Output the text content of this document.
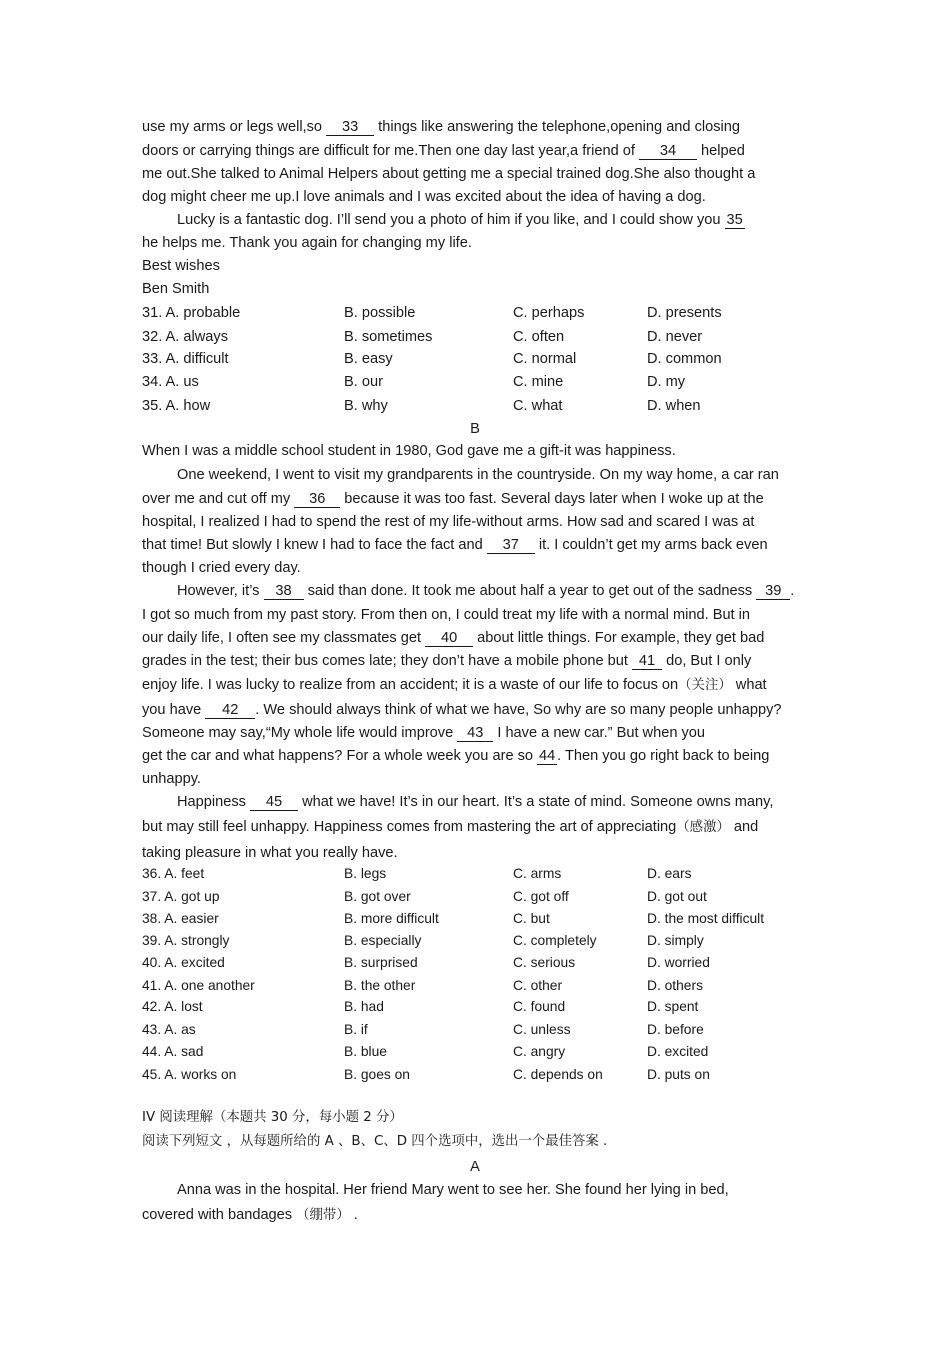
use my arms or legs well,so 33 things like answering the telephone,opening and closing
doors or carrying things are difficult for me.Then one day last year,a friend of 34 helped
me out.She talked to Animal Helpers about getting me a special trained dog.She also thought a
dog might cheer me up.I love animals and I was excited about the idea of having a dog.
Lucky is a fantastic dog. I’ll send you a photo of him if you like, and I could show you 35
he helps me. Thank you again for changing my life.
Best wishes
Ben Smith
31. A. probable	B. possible	C. perhaps	D. presents
32. A. always	B. sometimes	C. often	D. never
33. A. difficult	B. easy	C. normal	D. common
34. A. us	B. our	C. mine	D. my
35. A. how	B. why	C. what	D. when
B
When I was a middle school student in 1980, God gave me a gift-it was happiness.
One weekend, I went to visit my grandparents in the countryside. On my way home, a car ran
over me and cut off my 36 because it was too fast. Several days later when I woke up at the
hospital, I realized I had to spend the rest of my life-without arms. How sad and scared I was at
that time! But slowly I knew I had to face the fact and 37 it. I couldn’t get my arms back even
though I cried every day.
However, it’s 38 said than done. It took me about half a year to get out of the sadness 39 .
I got so much from my past story. From then on, I could treat my life with a normal mind. But in
our daily life, I often see my classmates get 40 about little things. For example, they get bad
grades in the test; their bus comes late; they don’t have a mobile phone but 41 do, But I only
enjoy life. I was lucky to realize from an accident; it is a waste of our life to focus on（关注） what
you have 42 . We should always think of what we have, So why are so many people unhappy?
Someone may say,“My whole life would improve 43 I have a new car.” But when you
get the car and what happens? For a whole week you are so 44 . Then you go right back to being
unhappy.
Happiness 45 what we have! It’s in our heart. It’s a state of mind. Someone owns many,
but may still feel unhappy. Happiness comes from mastering the art of appreciating（感激） and
taking pleasure in what you really have.
36. A. feet	B. legs	C. arms	D. ears
37. A. got up	B. got over	C. got off	D. got out
38. A. easier	B. more difficult	C. but	D. the most difficult
39. A. strongly	B. especially	C. completely	D. simply
40. A. excited	B. surprised	C. serious	D. worried
41. A. one another	B. the other	C. other	D. others
42. A. lost	B. had	C. found	D. spent
43. A. as	B. if	C. unless	D. before
44. A. sad	B. blue	C. angry	D. excited
45. A. works on	B. goes on	C. depends on	D. puts on
IV 阅读理解（本题共 30 分，每小题 2 分）
阅读下列短文 ，从每题所给的 A 、B、C、D 四个选项中，选出一个最佳答案 .
A
Anna was in the hospital. Her friend Mary went to see her. She found her lying in bed,
covered with bandages （绷带） .
